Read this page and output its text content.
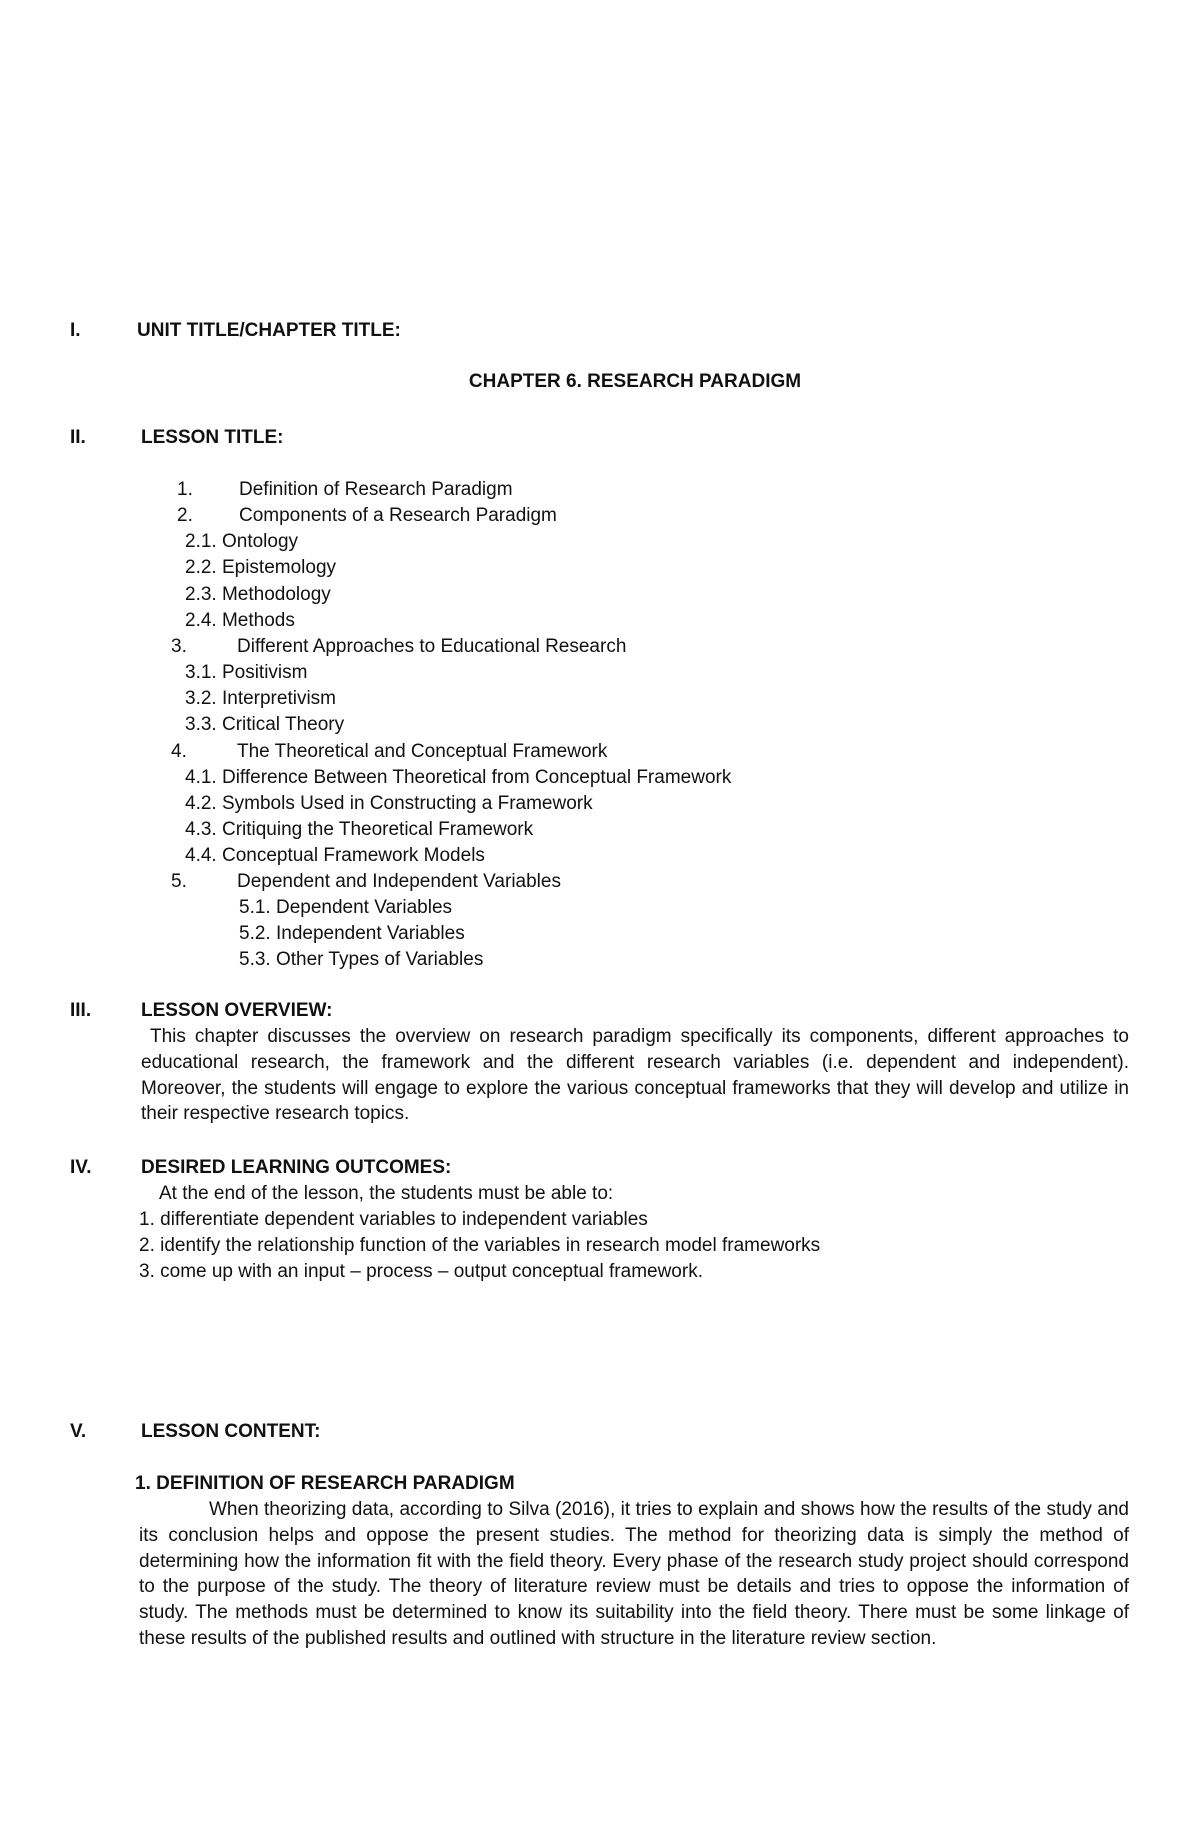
I.	UNIT TITLE/CHAPTER TITLE:
CHAPTER 6. RESEARCH PARADIGM
II.	LESSON TITLE:
1. Definition of Research Paradigm
2. Components of a Research Paradigm
2.1. Ontology
2.2. Epistemology
2.3. Methodology
2.4. Methods
3.	Different Approaches to Educational Research
3.1. Positivism
3.2. Interpretivism
3.3. Critical Theory
4.	The Theoretical and Conceptual Framework
4.1. Difference Between Theoretical from Conceptual Framework
4.2. Symbols Used in Constructing a Framework
4.3. Critiquing the Theoretical Framework
4.4. Conceptual Framework Models
5.	Dependent and Independent Variables
5.1. Dependent Variables
5.2. Independent Variables
5.3. Other Types of Variables
III.	LESSON OVERVIEW:
This chapter discusses the overview on research paradigm specifically its components, different approaches to educational research, the framework and the different research variables (i.e. dependent and independent). Moreover, the students will engage to explore the various conceptual frameworks that they will develop and utilize in their respective research topics.
IV.	DESIRED LEARNING OUTCOMES:
At the end of the lesson, the students must be able to:
1. differentiate dependent variables to independent variables
2. identify the relationship function of the variables in research model frameworks
3. come up with an input – process – output conceptual framework.
V.	LESSON CONTENT:
1. DEFINITION OF RESEARCH PARADIGM
When theorizing data, according to Silva (2016), it tries to explain and shows how the results of the study and its conclusion helps and oppose the present studies. The method for theorizing data is simply the method of determining how the information fit with the field theory. Every phase of the research study project should correspond to the purpose of the study. The theory of literature review must be details and tries to oppose the information of study. The methods must be determined to know its suitability into the field theory. There must be some linkage of these results of the published results and outlined with structure in the literature review section.
